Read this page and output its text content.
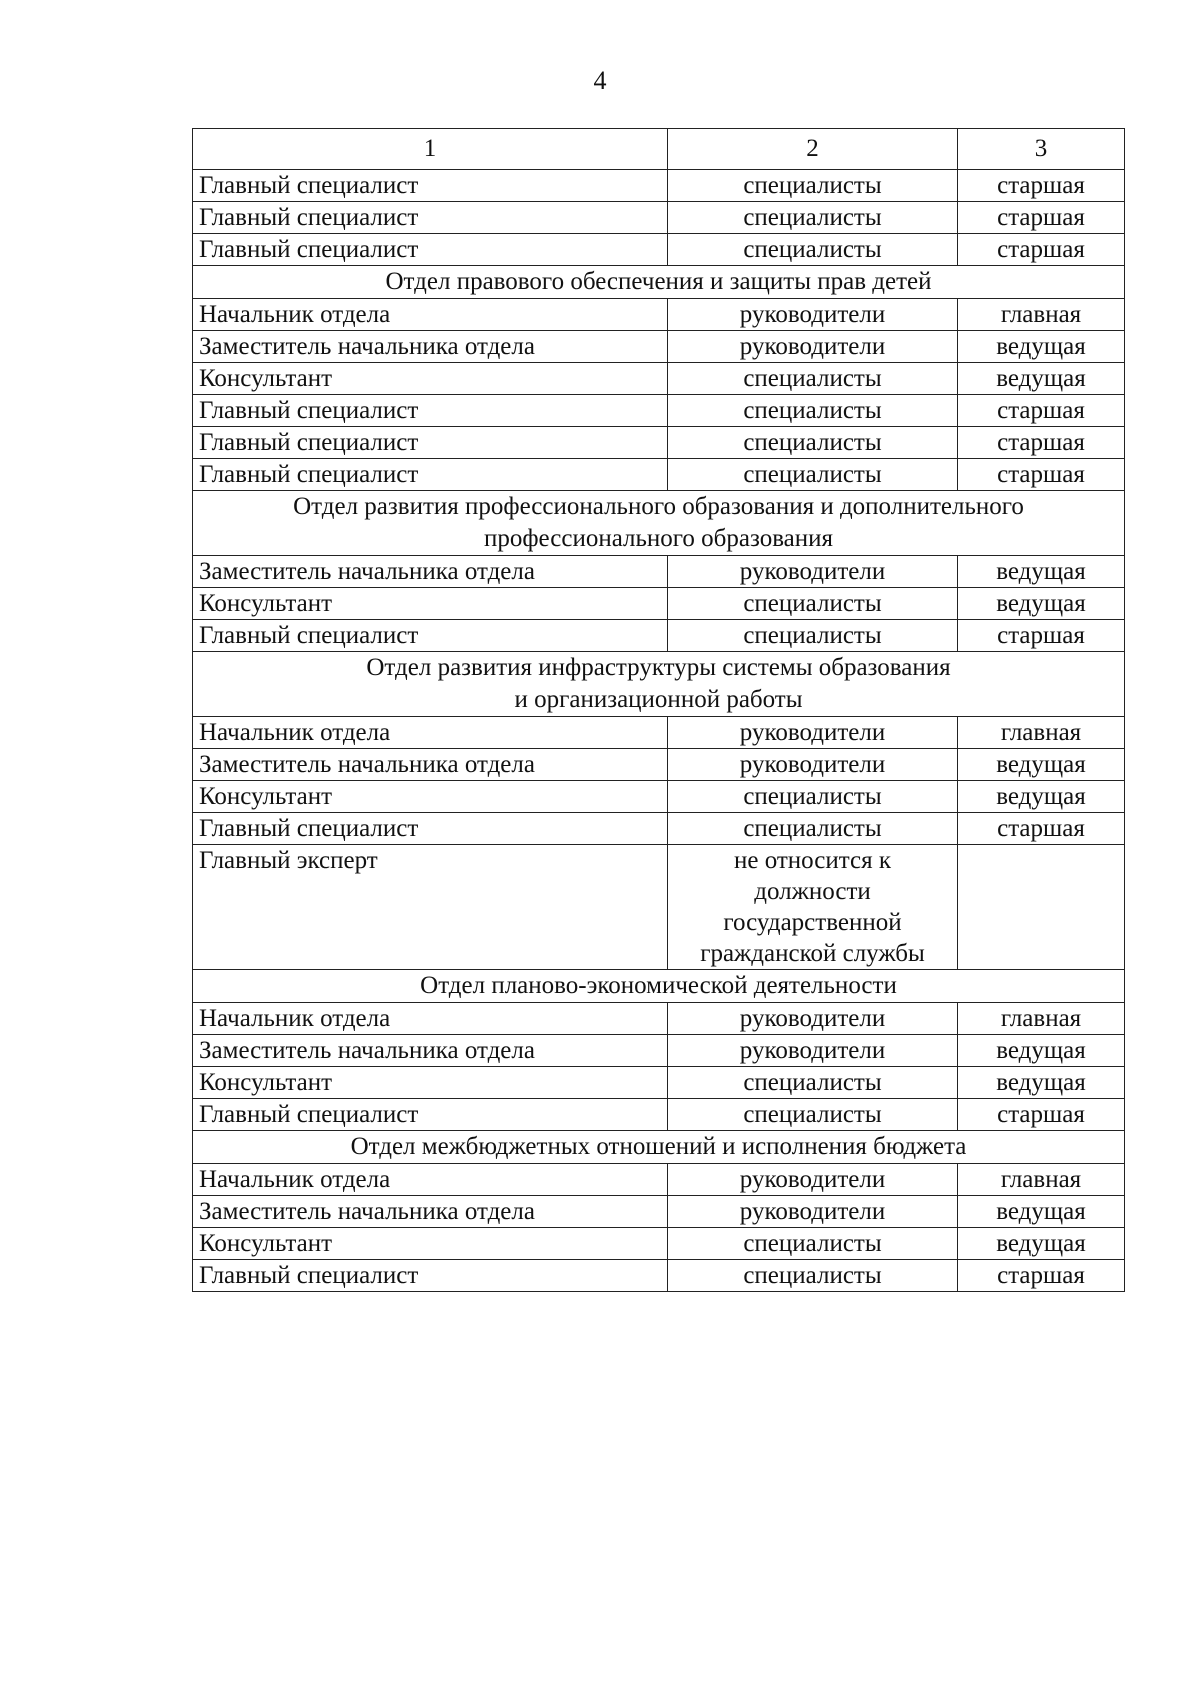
4
1	2	3
Главный специалист	специалисты	старшая
Главный специалист	специалисты	старшая
Главный специалист	специалисты	старшая
Отдел правового обеспечения и защиты прав детей		
Начальник отдела	руководители	главная
Заместитель начальника отдела	руководители	ведущая
Консультант	специалисты	ведущая
Главный специалист	специалисты	старшая
Главный специалист	специалисты	старшая
Главный специалист	специалисты	старшая

Отдел развития профессионального образования и дополнительного
профессионального образования		

Заместитель начальника отдела	руководители	ведущая
Консультант	специалисты	ведущая
Главный специалист	специалисты	старшая

Отдел развития инфраструктуры системы образования
и организационной работы		

Начальник отдела	руководители	главная
Заместитель начальника отдела	руководители	ведущая
Консультант	специалисты	ведущая
Главный специалист	специалисты	старшая
Главный эксперт	не относится к
должности
государственной
гражданской службы	

Отдел планово-экономической деятельности		
Начальник отдела	руководители	главная
Заместитель начальника отдела	руководители	ведущая
Консультант	специалисты	ведущая
Главный специалист	специалисты	старшая
Отдел межбюджетных отношений и исполнения бюджета		
Начальник отдела	руководители	главная
Заместитель начальника отдела	руководители	ведущая
Консультант	специалисты	ведущая
Главный специалист	специалисты	старшая
